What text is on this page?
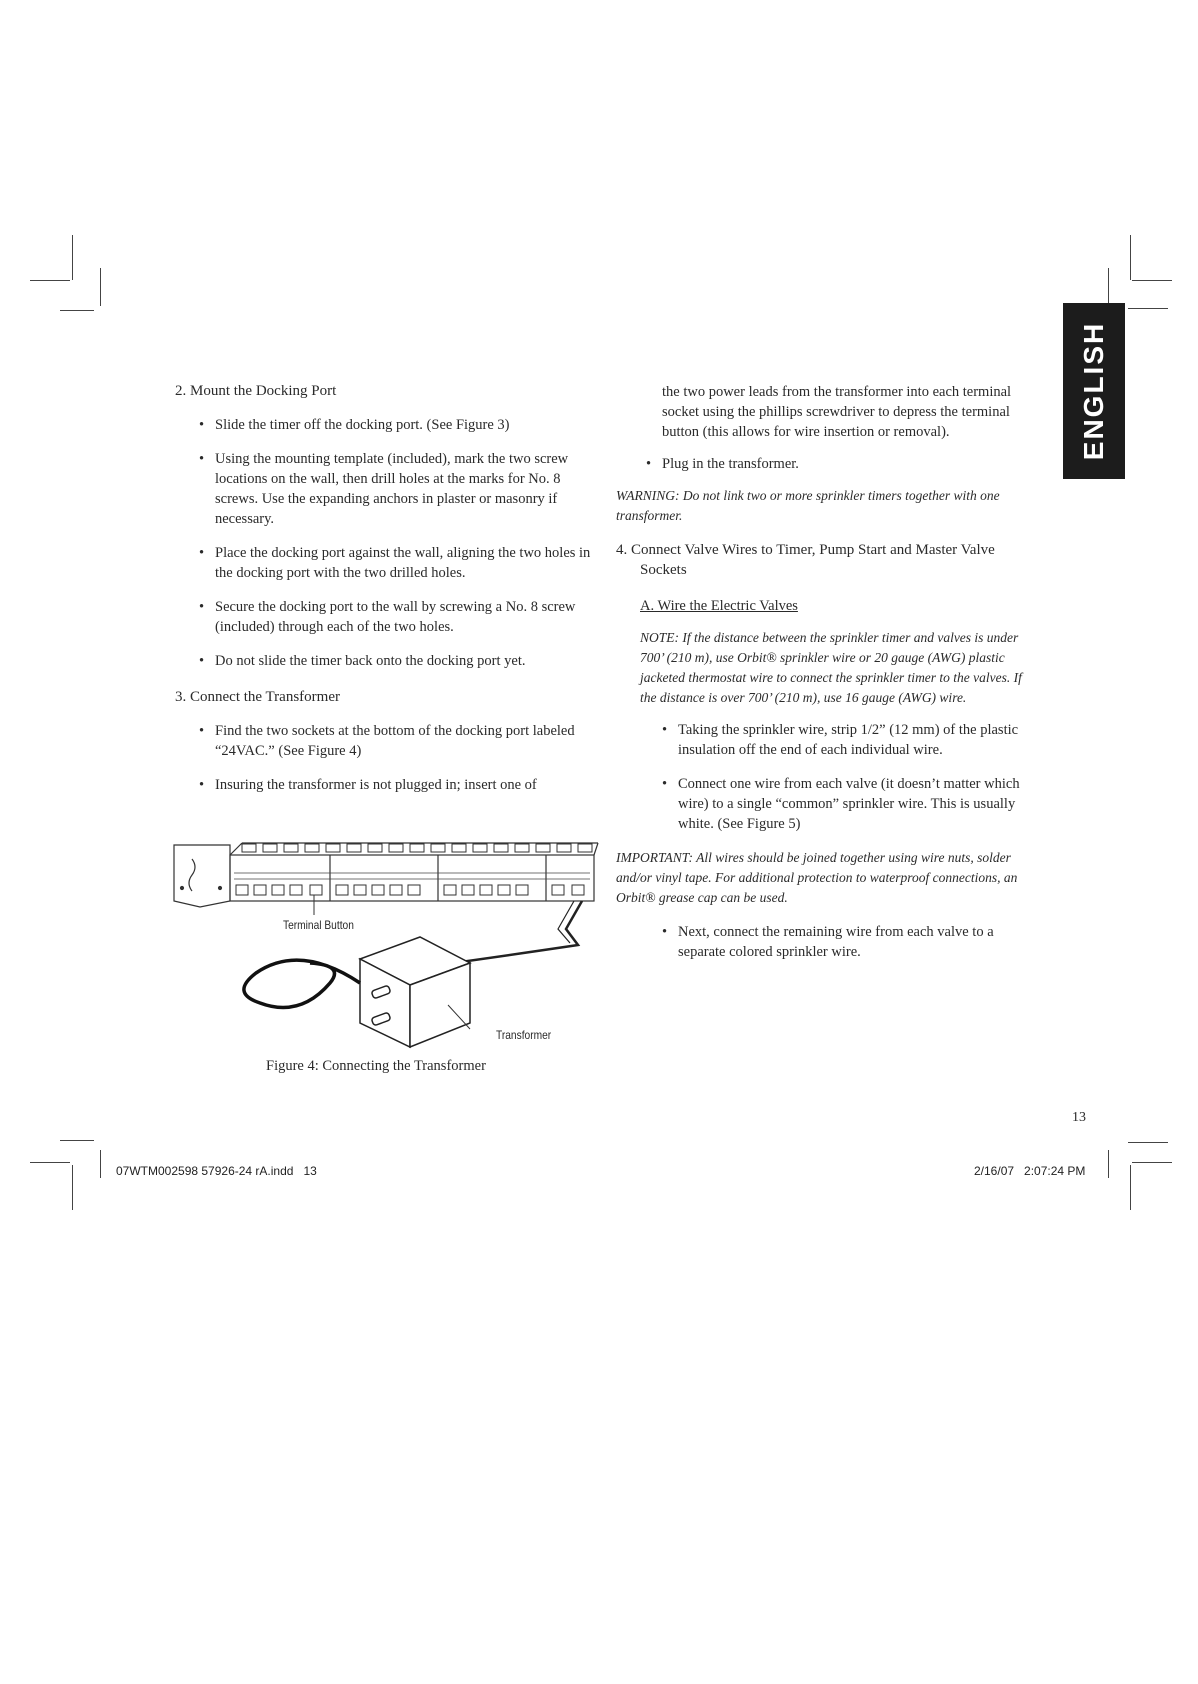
ENGLISH
2. Mount the Docking Port
• Slide the timer off the docking port. (See Figure 3)
• Using the mounting template (included), mark the two screw locations on the wall, then drill holes at the marks for No. 8 screws. Use the expanding anchors in plaster or masonry if necessary.
• Place the docking port against the wall, aligning the two holes in the docking port with the two drilled holes.
• Secure the docking port to the wall by screwing a No. 8 screw (included) through each of the two holes.
• Do not slide the timer back onto the docking port yet.
3. Connect the Transformer
• Find the two sockets at the bottom of the docking port labeled “24VAC.” (See Figure 4)
• Insuring the transformer is not plugged in; insert one of
Terminal Button
Transformer
Figure 4: Connecting the Transformer
the two power leads from the transformer into each terminal socket using the phillips screwdriver to depress the terminal button (this allows for wire insertion or removal).
• Plug in the transformer.
WARNING: Do not link two or more sprinkler timers together with one transformer.
4. Connect Valve Wires to Timer, Pump Start and Master Valve Sockets
A. Wire the Electric Valves
NOTE: If the distance between the sprinkler timer and valves is under 700’ (210 m), use Orbit® sprinkler wire or 20 gauge (AWG) plastic jacketed thermostat wire to connect the sprinkler timer to the valves. If the distance is over 700’ (210 m), use 16 gauge (AWG) wire.
• Taking the sprinkler wire, strip 1/2” (12 mm) of the plastic insulation off the end of each individual wire.
• Connect one wire from each valve (it doesn’t matter which wire) to a single “common” sprinkler wire. This is usually white. (See Figure 5)
IMPORTANT: All wires should be joined together using wire nuts, solder and/or vinyl tape. For additional protection to waterproof connections, an Orbit® grease cap can be used.
• Next, connect the remaining wire from each valve to a separate colored sprinkler wire.
13
07WTM002598 57926-24 rA.indd   13	2/16/07   2:07:24 PM
